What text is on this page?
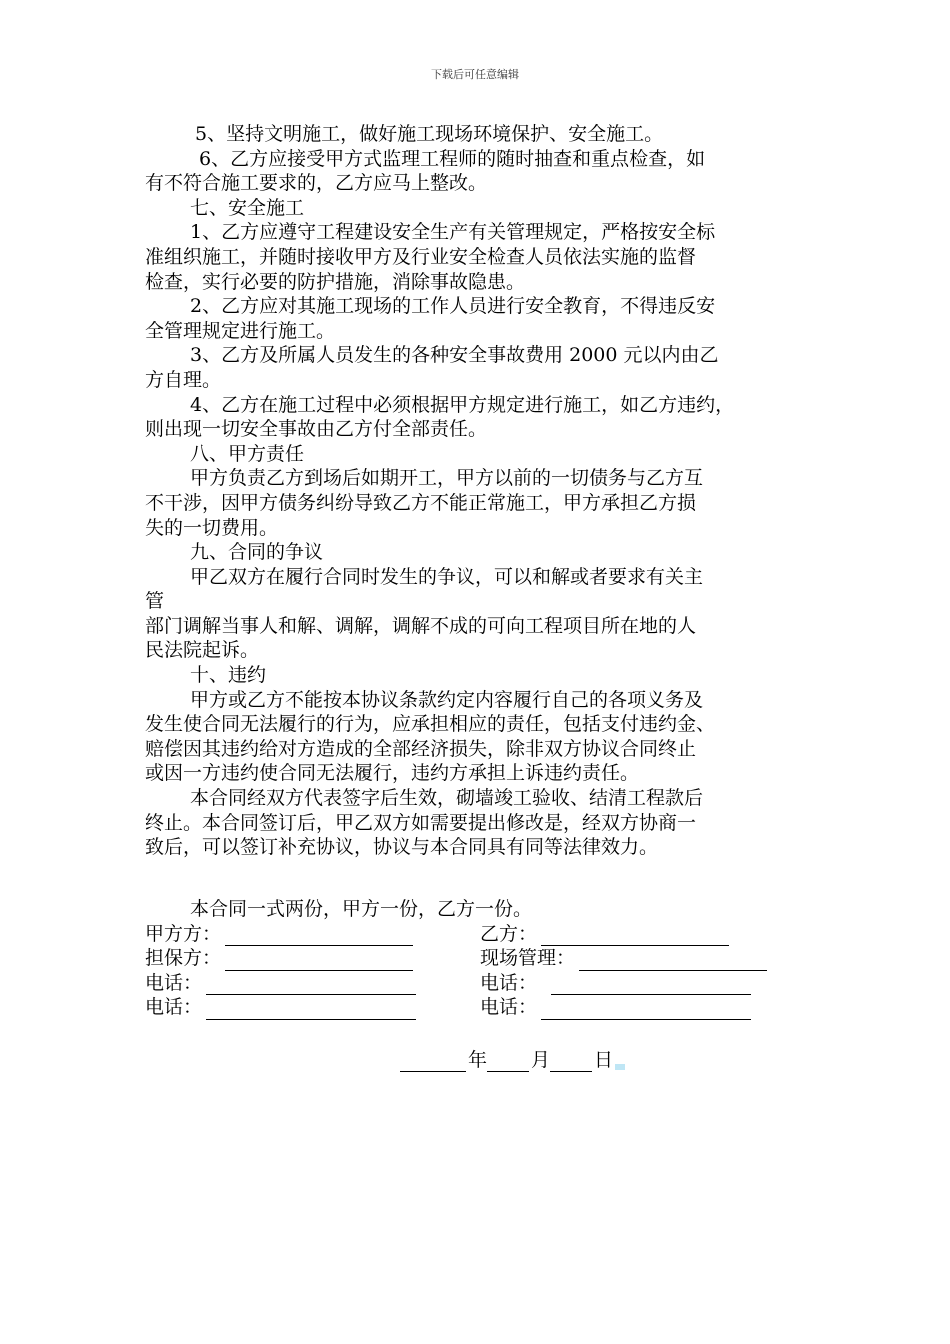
下载后可任意编辑
5、坚持文明施工，做好施工现场环境保护、安全施工。
6、乙方应接受甲方式监理工程师的随时抽查和重点检查，如
有不符合施工要求的，乙方应马上整改。
七、安全施工
1、乙方应遵守工程建设安全生产有关管理规定，严格按安全标
准组织施工，并随时接收甲方及行业安全检查人员依法实施的监督
检查，实行必要的防护措施，消除事故隐患。
2、乙方应对其施工现场的工作人员进行安全教育，不得违反安
全管理规定进行施工。
3、乙方及所属人员发生的各种安全事故费用 2000 元以内由乙
方自理。
4、乙方在施工过程中必须根据甲方规定进行施工，如乙方违约，
则出现一切安全事故由乙方付全部责任。
八、甲方责任
甲方负责乙方到场后如期开工，甲方以前的一切债务与乙方互
不干涉，因甲方债务纠纷导致乙方不能正常施工，甲方承担乙方损
失的一切费用。
九、合同的争议
甲乙双方在履行合同时发生的争议，可以和解或者要求有关主
管
部门调解当事人和解、调解，调解不成的可向工程项目所在地的人
民法院起诉。
十、违约
甲方或乙方不能按本协议条款约定内容履行自己的各项义务及
发生使合同无法履行的行为，应承担相应的责任，包括支付违约金、
赔偿因其违约给对方造成的全部经济损失，除非双方协议合同终止
或因一方违约使合同无法履行，违约方承担上诉违约责任。
本合同经双方代表签字后生效，砌墙竣工验收、结清工程款后
终止。本合同签订后，甲乙双方如需要提出修改是，经双方协商一
致后，可以签订补充协议，协议与本合同具有同等法律效力。
本合同一式两份，甲方一份，乙方一份。
甲方方：	乙方：
担保方：	现场管理：
电话：	电话：
电话：	电话：
年 月 日
